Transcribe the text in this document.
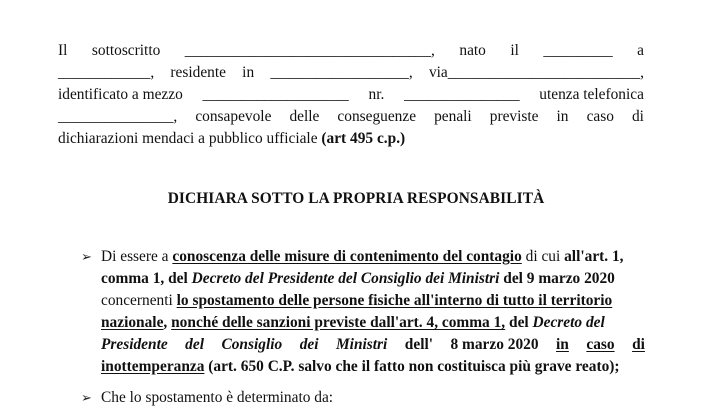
Il sottoscritto ________________________________, nato il _________ a
____________, residente in __________________, via_________________________,
identificato a mezzo ___________________ nr. _______________ utenza telefonica
_______________, consapevole delle conseguenze penali previste in caso di
dichiarazioni mendaci a pubblico ufficiale (art 495 c.p.)
DICHIARA SOTTO LA PROPRIA RESPONSABILITÀ
➢ Di essere a conoscenza delle misure di contenimento del contagio di cui all'art. 1,
comma 1, del Decreto del Presidente del Consiglio dei Ministri del 9 marzo 2020
concernenti lo spostamento delle persone fisiche all'interno di tutto il territorio
nazionale, nonché delle sanzioni previste dall'art. 4, comma 1, del Decreto del
Presidente del Consiglio dei Ministri dell' 8 marzo 2020 in caso di
inottemperanza (art. 650 C.P. salvo che il fatto non costituisca più grave reato);
➢ Che lo spostamento è determinato da:
